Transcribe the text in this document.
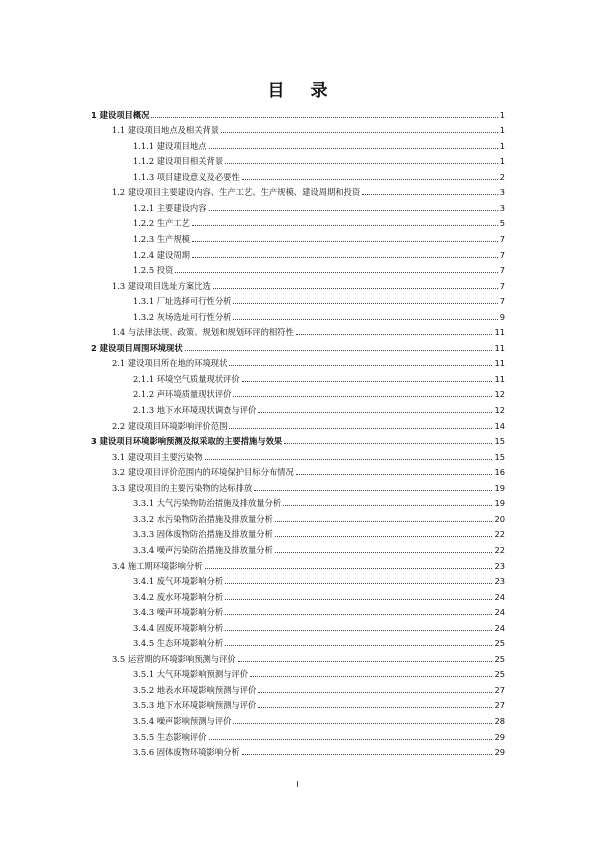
目 录
1 建设项目概况	1
1.1 建设项目地点及相关背景	1
1.1.1 建设项目地点	1
1.1.2 建设项目相关背景	1
1.1.3 项目建设意义及必要性	2
1.2 建设项目主要建设内容、生产工艺、生产规模、建设周期和投资	3
1.2.1 主要建设内容	3
1.2.2 生产工艺	5
1.2.3 生产规模	7
1.2.4 建设周期	7
1.2.5 投资	7
1.3 建设项目选址方案比选	7
1.3.1 厂址选择可行性分析	7
1.3.2 灰场选址可行性分析	9
1.4 与法律法规、政策、规划和规划环评的相符性	11
2 建设项目周围环境现状	11
2.1 建设项目所在地的环境现状	11
2.1.1 环境空气质量现状评价	11
2.1.2 声环境质量现状评价	12
2.1.3 地下水环境现状调查与评价	12
2.2 建设项目环境影响评价范围	14
3 建设项目环境影响预测及拟采取的主要措施与效果	15
3.1 建设项目主要污染物	15
3.2 建设项目评价范围内的环境保护目标分布情况	16
3.3 建设项目的主要污染物的达标排放	19
3.3.1 大气污染物防治措施及排放量分析	19
3.3.2 水污染物防治措施及排放量分析	20
3.3.3 固体废物防治措施及排放量分析	22
3.3.4 噪声污染防治措施及排放量分析	22
3.4 施工期环境影响分析	23
3.4.1 废气环境影响分析	23
3.4.2 废水环境影响分析	24
3.4.3 噪声环境影响分析	24
3.4.4 固废环境影响分析	24
3.4.5 生态环境影响分析	25
3.5 运营期的环境影响预测与评价	25
3.5.1 大气环境影响预测与评价	25
3.5.2 地表水环境影响预测与评价	27
3.5.3 地下水环境影响预测与评价	27
3.5.4 噪声影响预测与评价	28
3.5.5 生态影响评价	29
3.5.6 固体废物环境影响分析	29
I
